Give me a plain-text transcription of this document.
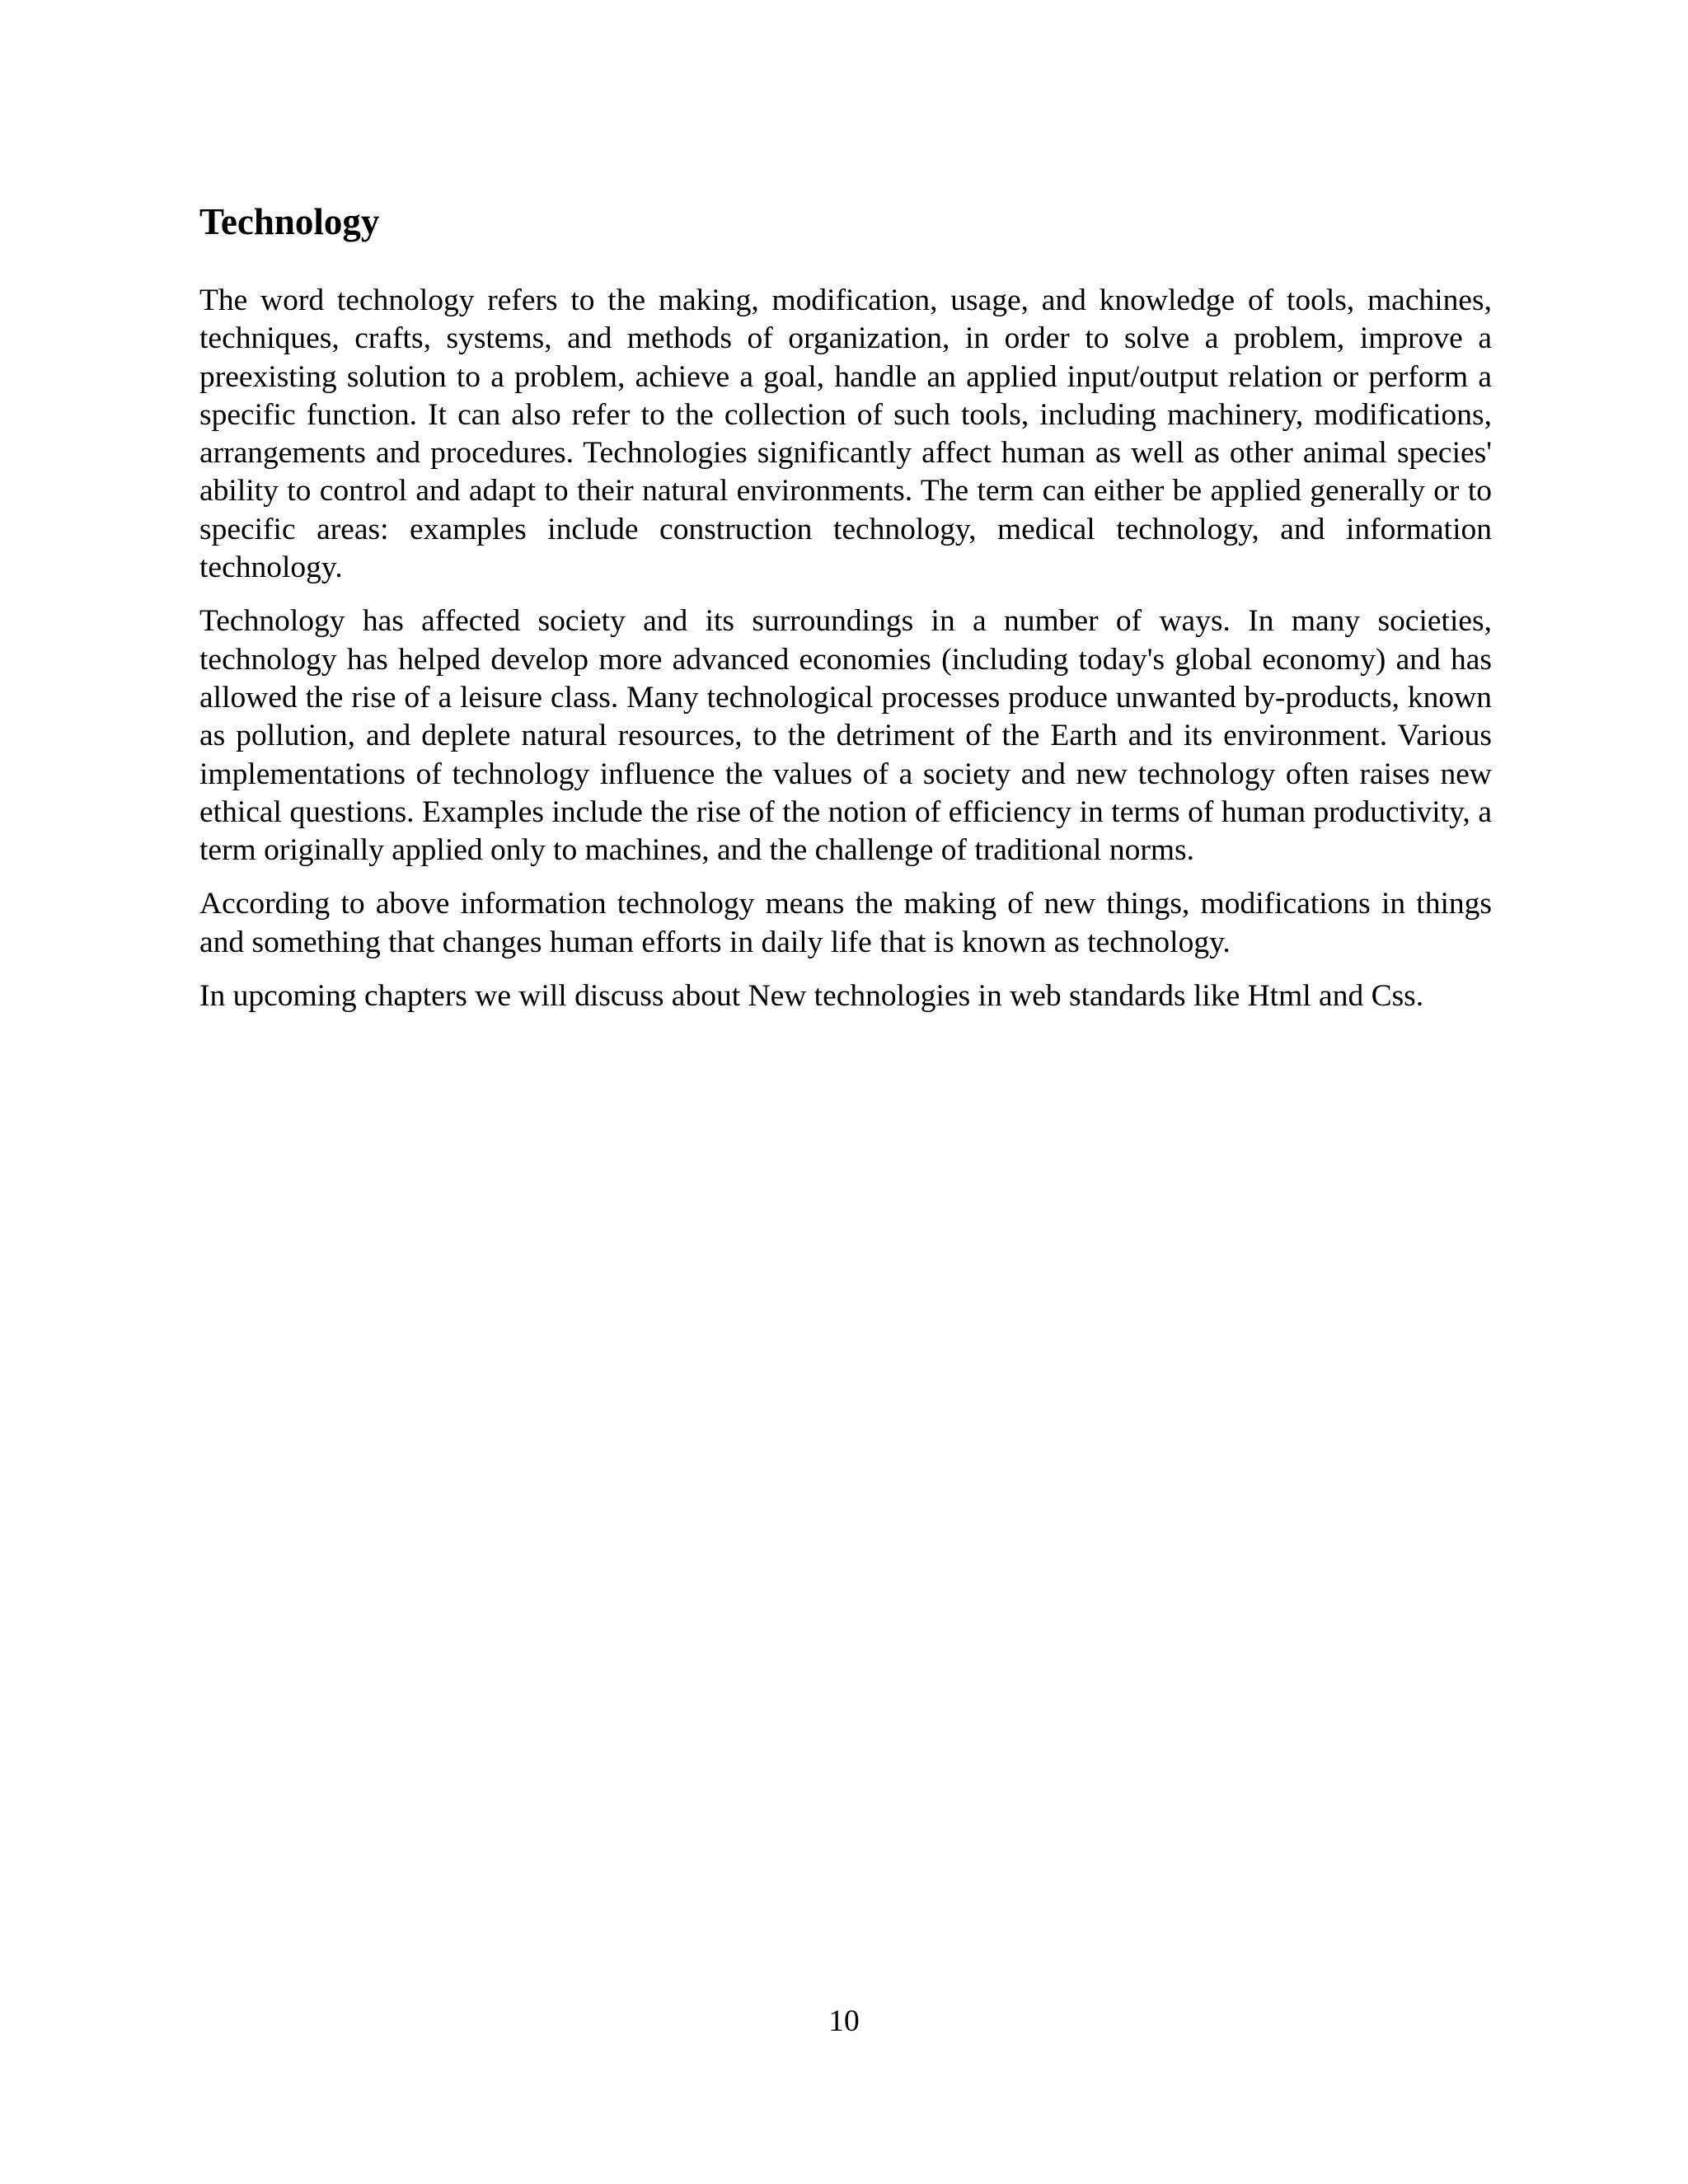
Technology

The word technology refers to the making, modification, usage, and knowledge of tools, machines, techniques, crafts, systems, and methods of organization, in order to solve a problem, improve a preexisting solution to a problem, achieve a goal, handle an applied input/output relation or perform a specific function. It can also refer to the collection of such tools, including machinery, modifications, arrangements and procedures. Technologies significantly affect human as well as other animal species' ability to control and adapt to their natural environments. The term can either be applied generally or to specific areas: examples include construction technology, medical technology, and information technology.

Technology has affected society and its surroundings in a number of ways. In many societies, technology has helped develop more advanced economies (including today's global economy) and has allowed the rise of a leisure class. Many technological processes produce unwanted by-products, known as pollution, and deplete natural resources, to the detriment of the Earth and its environment. Various implementations of technology influence the values of a society and new technology often raises new ethical questions. Examples include the rise of the notion of efficiency in terms of human productivity, a term originally applied only to machines, and the challenge of traditional norms.

According to above information technology means the making of new things, modifications in things and something that changes human efforts in daily life that is known as technology.

In upcoming chapters we will discuss about New technologies in web standards like Html and Css.

10
